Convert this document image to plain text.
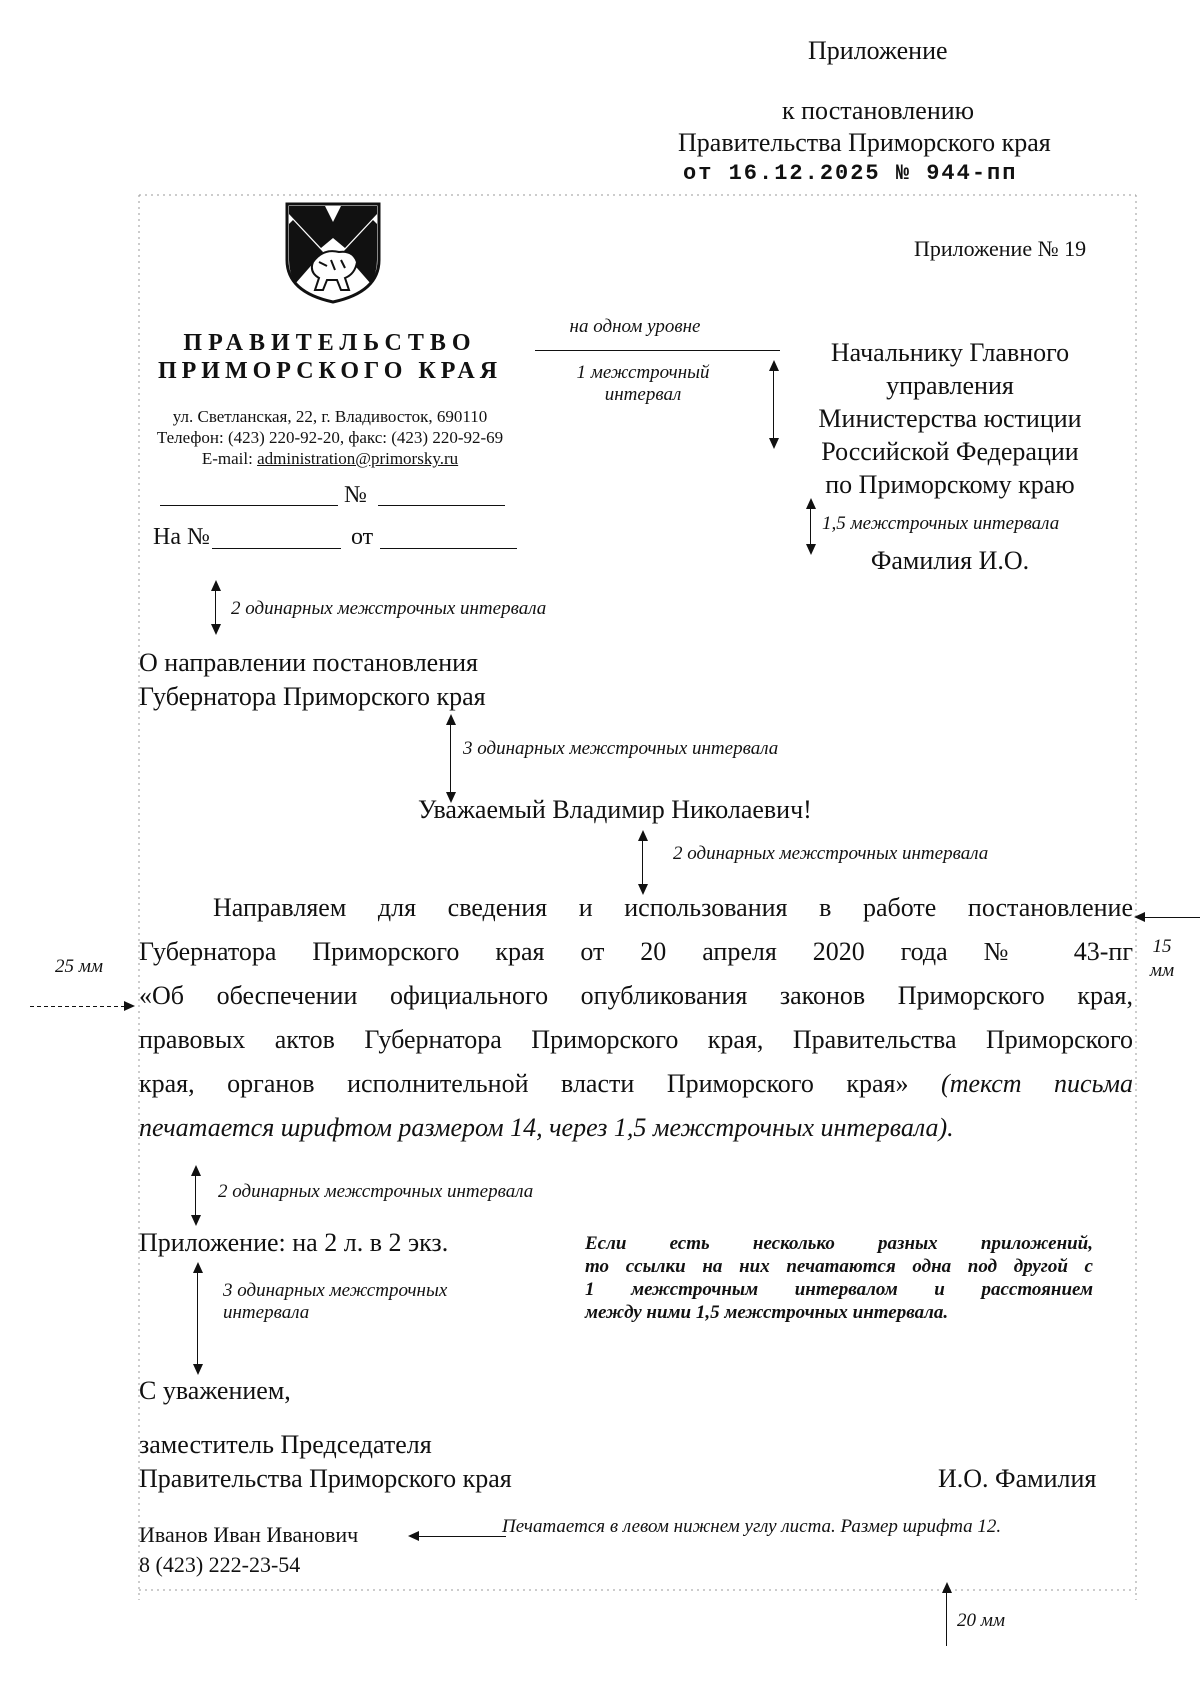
Приложение
к постановлению
Правительства Приморского края
от 16.12.2025 № 944-пп
Приложение № 19
ПРАВИТЕЛЬСТВО
ПРИМОРСКОГО КРАЯ
ул. Светланская, 22, г. Владивосток, 690110
Телефон: (423) 220-92-20, факс: (423) 220-92-69
E-mail: administration@primorsky.ru
№
На №	от
на одном уровне
1 межстрочный
интервал
Начальнику Главного
управления
Министерства юстиции
Российской Федерации
по Приморскому краю
1,5 межстрочных интервала
Фамилия И.О.
2 одинарных межстрочных интервала
О направлении постановления
Губернатора Приморского края
3 одинарных межстрочных интервала
Уважаемый Владимир Николаевич!
2 одинарных межстрочных интервала
Направляем для сведения и использования в работе постановление
Губернатора Приморского края от 20 апреля 2020 года № 43-пг
«Об обеспечении официального опубликования законов Приморского края,
правовых актов Губернатора Приморского края, Правительства Приморского
края, органов исполнительной власти Приморского края» (текст письма
печатается шрифтом размером 14, через 1,5 межстрочных интервала).
25 мм
15
мм
2 одинарных межстрочных интервала
Приложение: на 2 л. в 2 экз.	Если есть несколько разных приложений,
то ссылки на них печатаются одна под другой с
1 межстрочным интервалом и расстоянием
между ними 1,5 межстрочных интервала.
3 одинарных межстрочных
интервала
С уважением,
заместитель Председателя
Правительства Приморского края	И.О. Фамилия
Иванов Иван Иванович	Печатается в левом нижнем углу листа. Размер шрифта 12.
8 (423) 222-23-54
20 мм
